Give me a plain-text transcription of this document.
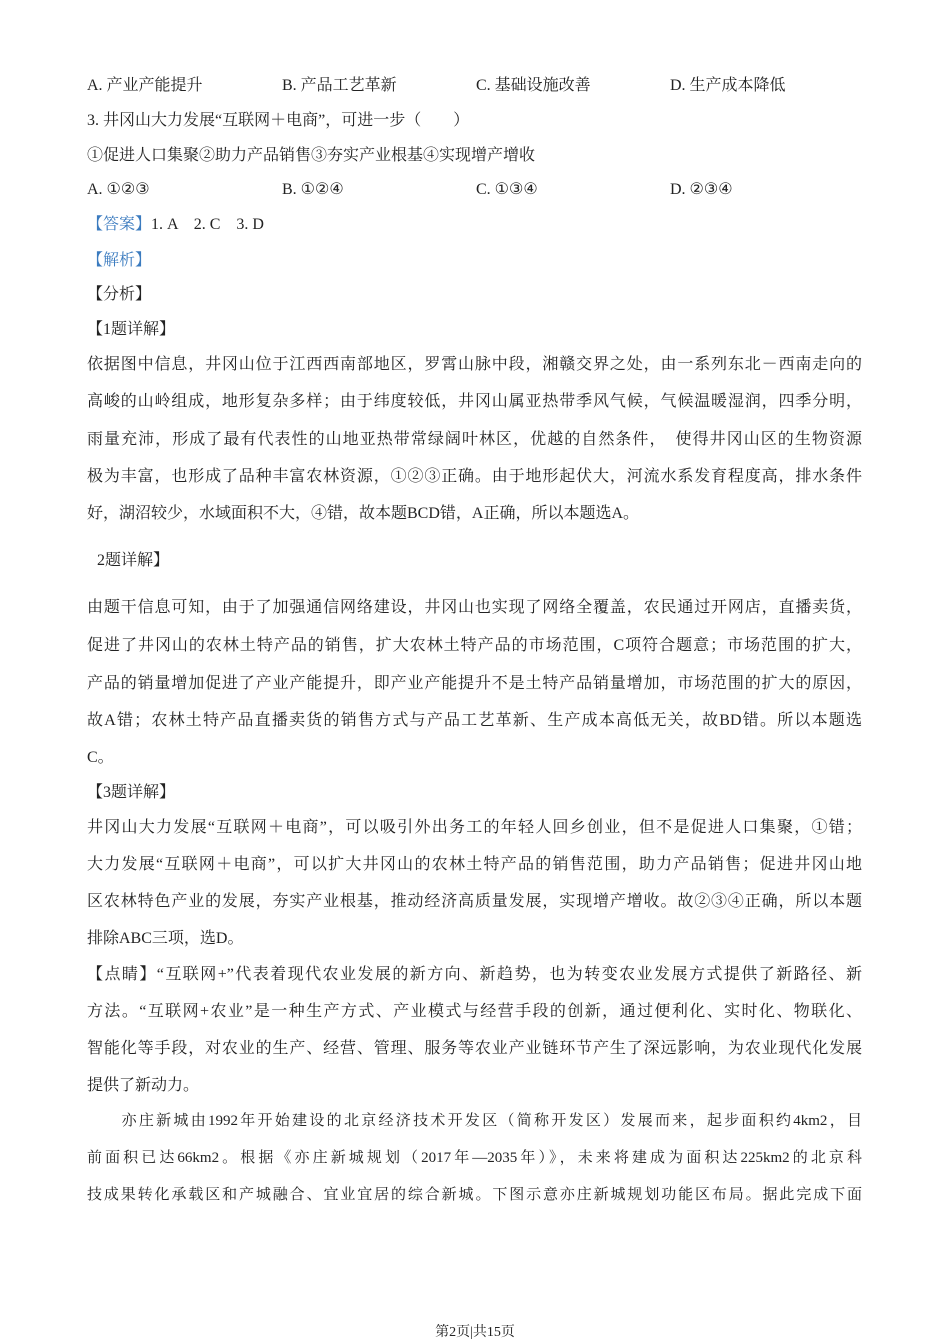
A. 产业产能提升	B. 产品工艺革新	C. 基础设施改善	D. 生产成本降低
3. 井冈山大力发展“互联网＋电商”，可进一步（　　）
①促进人口集聚②助力产品销售③夯实产业根基④实现增产增收
A. ①②③	B. ①②④	C. ①③④	D. ②③④
【答案】1. A　2. C　3. D
【解析】
【分析】
【1题详解】
依据图中信息，井冈山位于江西西南部地区，罗霄山脉中段，湘赣交界之处，由一系列东北－西南走向的
高峻的山岭组成，地形复杂多样；由于纬度较低，井冈山属亚热带季风气候，气候温暖湿润，四季分明，
雨量充沛，形成了最有代表性的山地亚热带常绿阔叶林区，优越的自然条件，　使得井冈山区的生物资源
极为丰富，也形成了品种丰富农林资源，①②③正确。由于地形起伏大，河流水系发育程度高，排水条件
好，湖沼较少，水域面积不大，④错，故本题BCD错，A正确，所以本题选A。
2题详解】
由题干信息可知，由于了加强通信网络建设，井冈山也实现了网络全覆盖，农民通过开网店，直播卖货，
促进了井冈山的农林土特产品的销售，扩大农林土特产品的市场范围，C项符合题意；市场范围的扩大，
产品的销量增加促进了产业产能提升，即产业产能提升不是土特产品销量增加，市场范围的扩大的原因，
故A错；农林土特产品直播卖货的销售方式与产品工艺革新、生产成本高低无关，故BD错。所以本题选
C。
【3题详解】
井冈山大力发展“互联网＋电商”，可以吸引外出务工的年轻人回乡创业，但不是促进人口集聚，①错；
大力发展“互联网＋电商”，可以扩大井冈山的农林土特产品的销售范围，助力产品销售；促进井冈山地
区农林特色产业的发展，夯实产业根基，推动经济高质量发展，实现增产增收。故②③④正确，所以本题
排除ABC三项，选D。
【点睛】“互联网+”代表着现代农业发展的新方向、新趋势，也为转变农业发展方式提供了新路径、新
方法。“互联网+农业”是一种生产方式、产业模式与经营手段的创新，通过便利化、实时化、物联化、
智能化等手段，对农业的生产、经营、管理、服务等农业产业链环节产生了深远影响，为农业现代化发展
提供了新动力。
　　亦庄新城由1992年开始建设的北京经济技术开发区（简称开发区）发展而来，起步面积约4km2，目
前面积已达66km2。根据《亦庄新城规划（2017年—2035年）》，未来将建成为面积达225km2的北京科
技成果转化承载区和产城融合、宜业宜居的综合新城。下图示意亦庄新城规划功能区布局。据此完成下面
第2页|共15页
